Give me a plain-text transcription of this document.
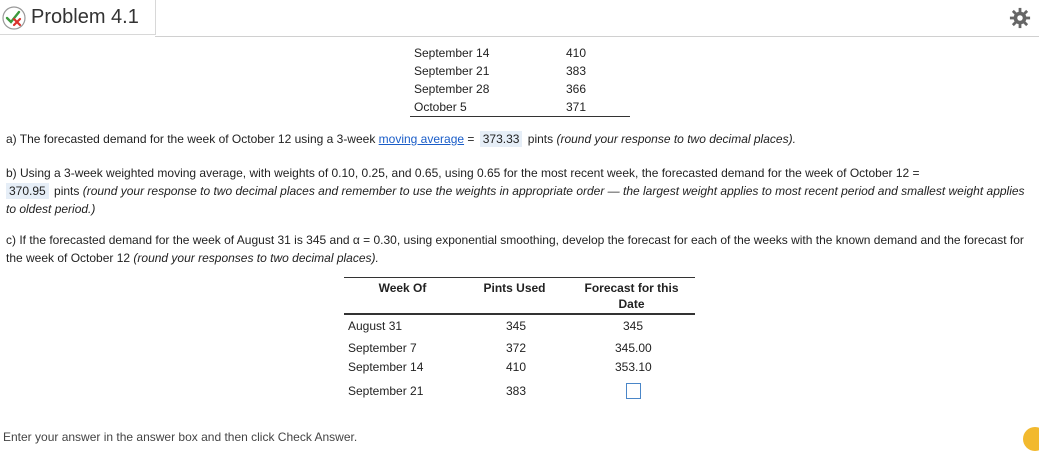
Problem 4.1
September 14	410
September 21	383
September 28	366
October 5	371
a) The forecasted demand for the week of October 12 using a 3-week moving average = 373.33 pints (round your response to two decimal places).
b) Using a 3-week weighted moving average, with weights of 0.10, 0.25, and 0.65, using 0.65 for the most recent week, the forecasted demand for the week of October 12 =
370.95 pints (round your response to two decimal places and remember to use the weights in appropriate order — the largest weight applies to most recent period and smallest weight applies to oldest period.)
c) If the forecasted demand for the week of August 31 is 345 and α = 0.30, using exponential smoothing, develop the forecast for each of the weeks with the known demand and the forecast for the week of October 12 (round your responses to two decimal places).
Week Of	Pints Used	Forecast for this Date
August 31	345	345
September 7	372	345.00
September 14	410	353.10
September 21	383
Enter your answer in the answer box and then click Check Answer.
